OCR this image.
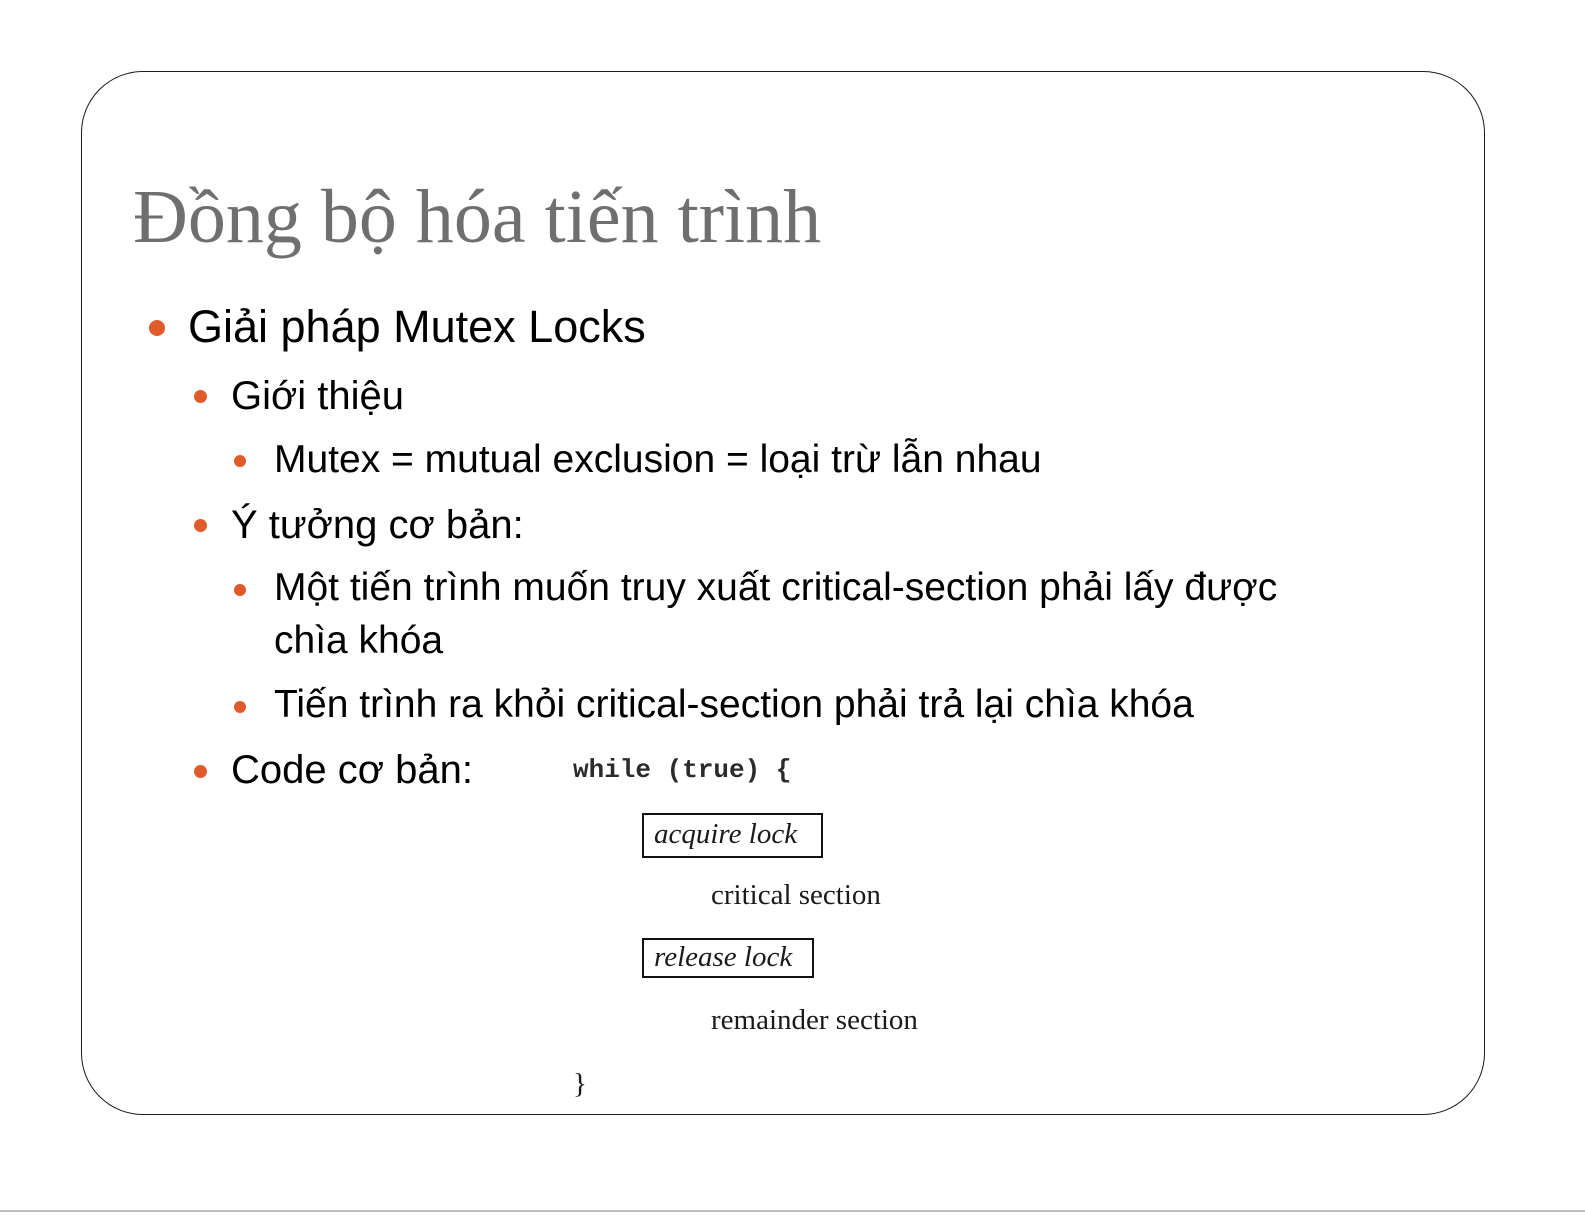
Đồng bộ hóa tiến trình
Giải pháp Mutex Locks
Giới thiệu
Mutex = mutual exclusion = loại trừ lẫn nhau
Ý tưởng cơ bản:
Một tiến trình muốn truy xuất critical-section phải lấy được
chìa khóa
Tiến trình ra khỏi critical-section phải trả lại chìa khóa
Code cơ bản:	while (true) {
acquire lock
critical section
release lock
remainder section
}
